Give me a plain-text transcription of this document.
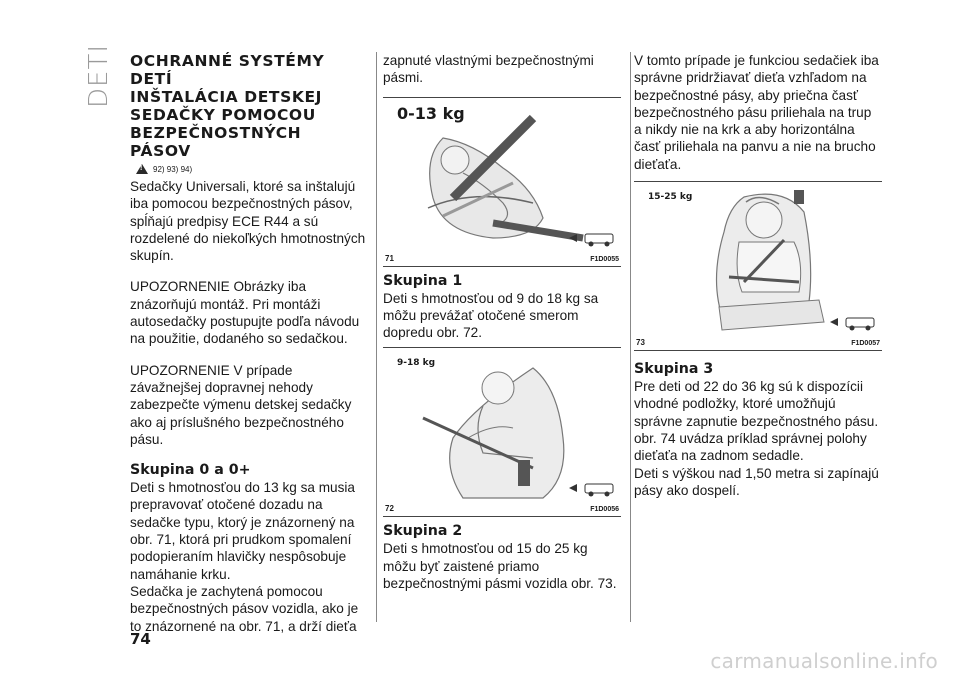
DETI	OCHRANNÉ SYSTÉMY
DETÍ
INŠTALÁCIA DETSKEJ
SEDAČKY POMOCOU
BEZPEČNOSTNÝCH
PÁSOV
!
92) 93) 94)

Sedačky Universali, ktoré sa inštalujú iba pomocou bezpečnostných pásov, spĺňajú predpisy ECE R44 a sú rozdelené do niekoľkých hmotnostných skupín.

UPOZORNENIE Obrázky iba znázorňujú montáž. Pri montáži autosedačky postupujte podľa návodu na použitie, dodaného so sedačkou.

UPOZORNENIE V prípade závažnejšej dopravnej nehody zabezpečte výmenu detskej sedačky ako aj príslušného bezpečnostného pásu.

Skupina 0 a 0+

Deti s hmotnosťou do 13 kg sa musia prepravovať otočené dozadu na sedačke typu, ktorý je znázornený na obr. 71, ktorá pri prudkom spomalení podopieraním hlavičky nespôsobuje namáhanie krku.

Sedačka je zachytená pomocou bezpečnostných pásov vozidla, ako je to znázornené na obr. 71, a drží dieťa

zapnuté vlastnými bezpečnostnými pásmi.

0-13 kg
71	F1D0055
Skupina 1

Deti s hmotnosťou od 9 do 18 kg sa môžu prevážať otočené smerom dopredu obr. 72.

9-18 kg
72	F1D0056
Skupina 2

Deti s hmotnosťou od 15 do 25 kg môžu byť zaistené priamo bezpečnostnými pásmi vozidla obr. 73.

V tomto prípade je funkciou sedačiek iba správne pridržiavať dieťa vzhľadom na bezpečnostné pásy, aby priečna časť bezpečnostného pásu priliehala na trup a nikdy nie na krk a aby horizontálna časť priliehala na panvu a nie na brucho dieťaťa.

15-25 kg
73	F1D0057
Skupina 3

Pre deti od 22 do 36 kg sú k dispozícii vhodné podložky, ktoré umožňujú správne zapnutie bezpečnostného pásu.

obr. 74 uvádza príklad správnej polohy dieťaťa na zadnom sedadle.

Deti s výškou nad 1,50 metra si zapínajú pásy ako dospelí.

74
carmanualsonline.info
